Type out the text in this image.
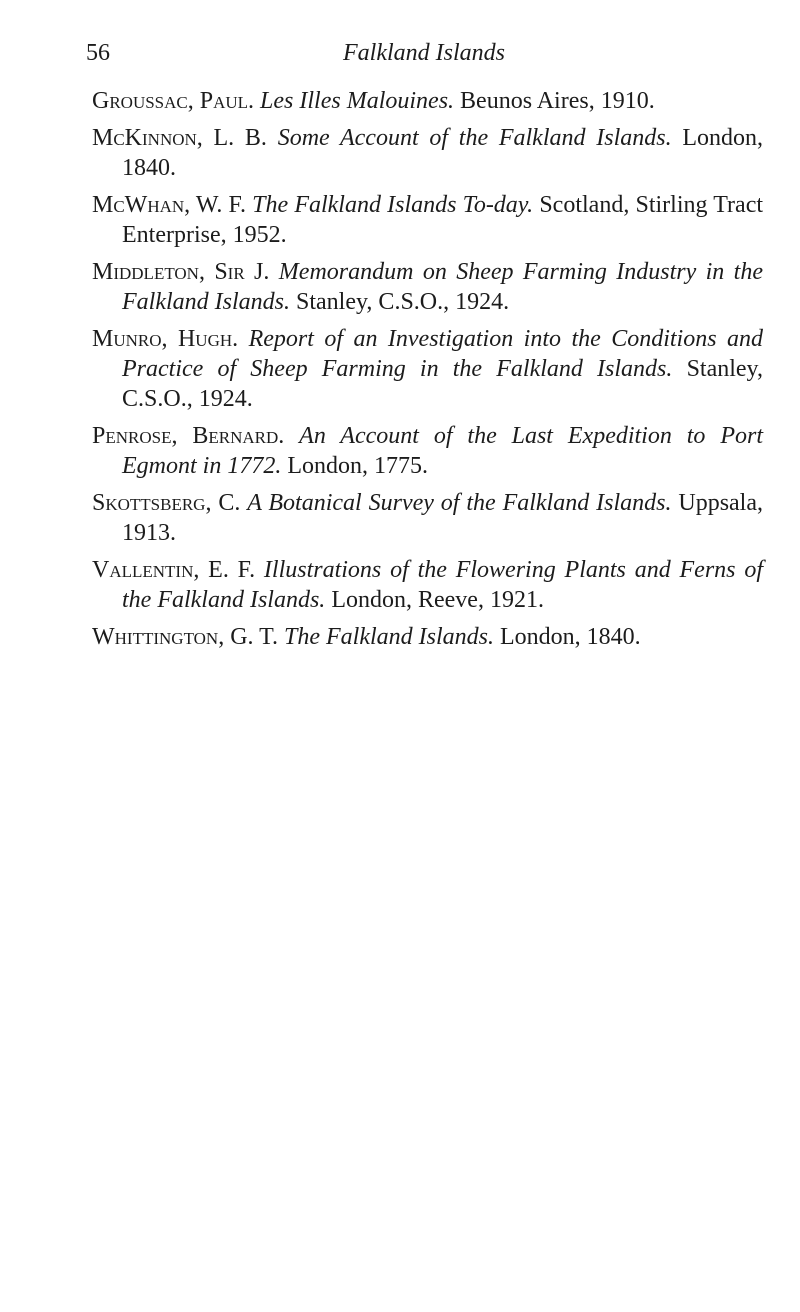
56	Falkland Islands

Groussac, Paul. Les Illes Malouines. Beunos Aires, 1910.

McKinnon, L. B. Some Account of the Falkland Islands. London, 1840.

McWhan, W. F. The Falkland Islands To-day. Scotland, Stirling Tract Enterprise, 1952.

Middleton, Sir J. Memorandum on Sheep Farming Industry in the Falkland Islands. Stanley, C.S.O., 1924.

Munro, Hugh. Report of an Investigation into the Conditions and Practice of Sheep Farming in the Falkland Islands. Stanley, C.S.O., 1924.

Penrose, Bernard. An Account of the Last Expedition to Port Egmont in 1772. London, 1775.

Skottsberg, C. A Botanical Survey of the Falkland Islands. Uppsala, 1913.

Vallentin, E. F. Illustrations of the Flowering Plants and Ferns of the Falkland Islands. London, Reeve, 1921.

Whittington, G. T. The Falkland Islands. London, 1840.
